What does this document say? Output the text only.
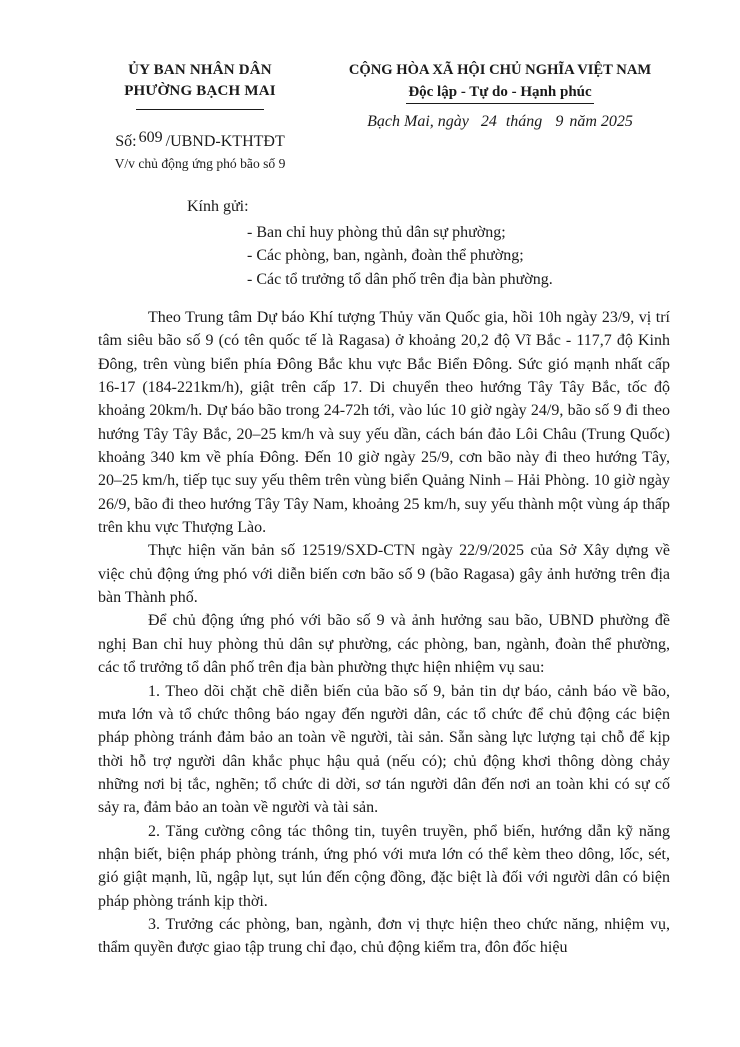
ỦY BAN NHÂN DÂN
PHƯỜNG BẠCH MAI
CỘNG HÒA XÃ HỘI CHỦ NGHĨA VIỆT NAM
Độc lập - Tự do - Hạnh phúc
Bạch Mai, ngày 24 tháng 9 năm 2025
Số: 609 /UBND-KTHTĐT
V/v chủ động ứng phó bão số 9
Kính gửi:
- Ban chỉ huy phòng thủ dân sự phường;
- Các phòng, ban, ngành, đoàn thể phường;
- Các tổ trưởng tổ dân phố trên địa bàn phường.

Theo Trung tâm Dự báo Khí tượng Thủy văn Quốc gia, hồi 10h ngày 23/9, vị trí tâm siêu bão số 9 (có tên quốc tế là Ragasa) ở khoảng 20,2 độ Vĩ Bắc - 117,7 độ Kinh Đông, trên vùng biển phía Đông Bắc khu vực Bắc Biển Đông. Sức gió mạnh nhất cấp 16-17 (184-221km/h), giật trên cấp 17. Di chuyển theo hướng Tây Tây Bắc, tốc độ khoảng 20km/h. Dự báo bão trong 24-72h tới, vào lúc 10 giờ ngày 24/9, bão số 9 đi theo hướng Tây Tây Bắc, 20–25 km/h và suy yếu dần, cách bán đảo Lôi Châu (Trung Quốc) khoảng 340 km về phía Đông. Đến 10 giờ ngày 25/9, cơn bão này đi theo hướng Tây, 20–25 km/h, tiếp tục suy yếu thêm trên vùng biển Quảng Ninh – Hải Phòng. 10 giờ ngày 26/9, bão đi theo hướng Tây Tây Nam, khoảng 25 km/h, suy yếu thành một vùng áp thấp trên khu vực Thượng Lào.

Thực hiện văn bản số 12519/SXD-CTN ngày 22/9/2025 của Sở Xây dựng về việc chủ động ứng phó với diễn biến cơn bão số 9 (bão Ragasa) gây ảnh hưởng trên địa bàn Thành phố.

Để chủ động ứng phó với bão số 9 và ảnh hưởng sau bão, UBND phường đề nghị Ban chỉ huy phòng thủ dân sự phường, các phòng, ban, ngành, đoàn thể phường, các tổ trưởng tổ dân phố trên địa bàn phường thực hiện nhiệm vụ sau:

1. Theo dõi chặt chẽ diễn biến của bão số 9, bản tin dự báo, cảnh báo về bão, mưa lớn và tổ chức thông báo ngay đến người dân, các tổ chức để chủ động các biện pháp phòng tránh đảm bảo an toàn về người, tài sản. Sẵn sàng lực lượng tại chỗ để kịp thời hỗ trợ người dân khắc phục hậu quả (nếu có); chủ động khơi thông dòng chảy những nơi bị tắc, nghẽn; tổ chức di dời, sơ tán người dân đến nơi an toàn khi có sự cố sảy ra, đảm bảo an toàn về người và tài sản.

2. Tăng cường công tác thông tin, tuyên truyền, phổ biến, hướng dẫn kỹ năng nhận biết, biện pháp phòng tránh, ứng phó với mưa lớn có thể kèm theo dông, lốc, sét, gió giật mạnh, lũ, ngập lụt, sụt lún đến cộng đồng, đặc biệt là đối với người dân có biện pháp phòng tránh kịp thời.

3. Trưởng các phòng, ban, ngành, đơn vị thực hiện theo chức năng, nhiệm vụ, thẩm quyền được giao tập trung chỉ đạo, chủ động kiểm tra, đôn đốc hiệu
